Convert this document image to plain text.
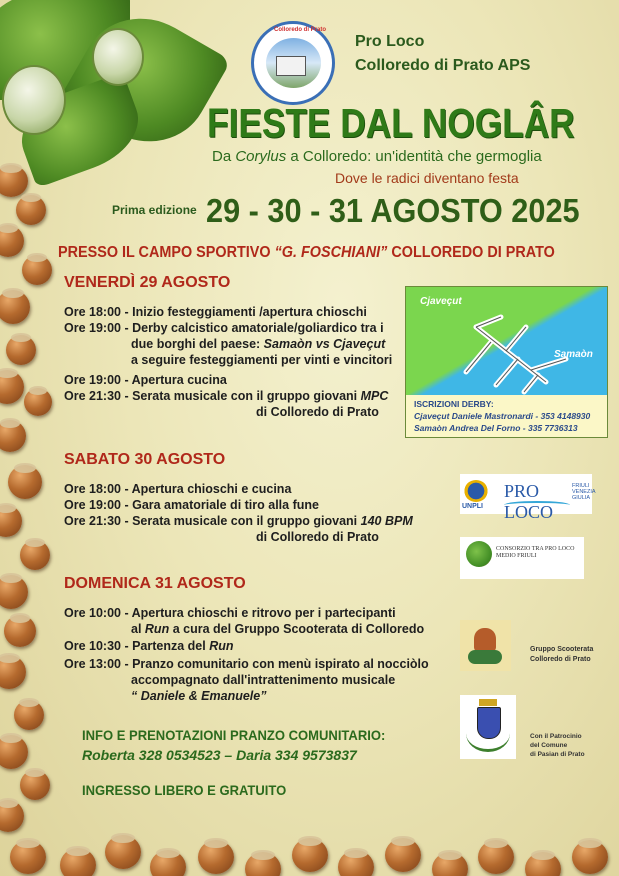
Colloredo di Prato
Pro Loco
Colloredo di Prato APS
FIESTE DAL NOGLÂR
Da Corylus a Colloredo: un'identità che germoglia
Dove le radici diventano festa
Prima edizione 29 - 30 - 31 AGOSTO 2025
PRESSO IL CAMPO SPORTIVO “G. FOSCHIANI” COLLOREDO DI PRATO
VENERDÌ 29 AGOSTO
Ore 18:00 - Inizio festeggiamenti /apertura chioschi
Ore 19:00 - Derby calcistico amatoriale/goliardico tra i
due borghi del paese: Samaòn vs Cjaveçut
a seguire festeggiamenti per vinti e vincitori
Ore 19:00 - Apertura cucina
Ore 21:30 - Serata musicale con il gruppo giovani MPC
di Colloredo di Prato
Cjaveçut
Samaòn
ISCRIZIONI DERBY:
Cjaveçut Daniele Mastronardi - 353 4148930
Samaòn Andrea Del Forno - 335 7736313
SABATO 30 AGOSTO
Ore 18:00 - Apertura chioschi e cucina
Ore 19:00 - Gara amatoriale di tiro alla fune
Ore 21:30 - Serata musicale con il gruppo giovani 140 BPM
di Colloredo di Prato
UNPLI
PRO LOCO
FRIULI VENEZIA GIULIA
CONSORZIO TRA PRO LOCO MEDIO FRIULI
DOMENICA 31 AGOSTO
Ore 10:00 - Apertura chioschi e ritrovo per i partecipanti
al Run a cura del Gruppo Scooterata di Colloredo
Ore 10:30 - Partenza del Run
Ore 13:00 - Pranzo comunitario con menù ispirato al nocciòlo
accompagnato dall'intrattenimento musicale
“ Daniele & Emanuele”
Gruppo Scooterata
Colloredo di Prato
Con il Patrocinio
del Comune
di Pasian di Prato
INFO E PRENOTAZIONI PRANZO COMUNITARIO:
Roberta 328 0534523 – Daria 334 9573837
INGRESSO LIBERO E GRATUITO
